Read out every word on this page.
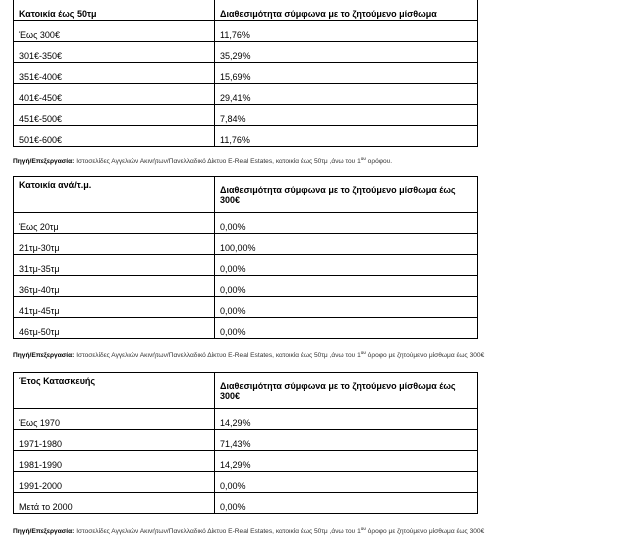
Κατοικία έως 50τμ	Διαθεσιμότητα σύμφωνα με το ζητούμενο μίσθωμα
Έως 300€	11,76%
301€-350€	35,29%
351€-400€	15,69%
401€-450€	29,41%
451€-500€	7,84%
501€-600€	11,76%
Πηγή/Επεξεργασία: Ιστοσελίδες Αγγελιών Ακινήτων/Πανελλαδικό Δίκτυο E-Real Estates, κατοικία έως 50τμ ,άνω του $1^{o\upsilon}$ ορόφου.
Κατοικία ανά/τ.μ.	Διαθεσιμότητα σύμφωνα με το ζητούμενο μίσθωμα έως 300€
Έως 20τμ	0,00%
21τμ-30τμ	100,00%
31τμ-35τμ	0,00%
36τμ-40τμ	0,00%
41τμ-45τμ	0,00%
46τμ-50τμ	0,00%
Πηγή/Επεξεργασία: Ιστοσελίδες Αγγελιών Ακινήτων/Πανελλαδικό Δίκτυο E-Real Estates, κατοικία έως 50τμ ,άνω του $1^{o\upsilon}$ όροφο με ζητούμενο μίσθωμα έως 300€
Έτος Κατασκευής	Διαθεσιμότητα σύμφωνα με το ζητούμενο μίσθωμα έως 300€
Έως 1970	14,29%
1971-1980	71,43%
1981-1990	14,29%
1991-2000	0,00%
Μετά το 2000	0,00%
Πηγή/Επεξεργασία: Ιστοσελίδες Αγγελιών Ακινήτων/Πανελλαδικό Δίκτυο E-Real Estates, κατοικία έως 50τμ ,άνω του $1^{o\upsilon}$ όροφο με ζητούμενο μίσθωμα έως 300€
